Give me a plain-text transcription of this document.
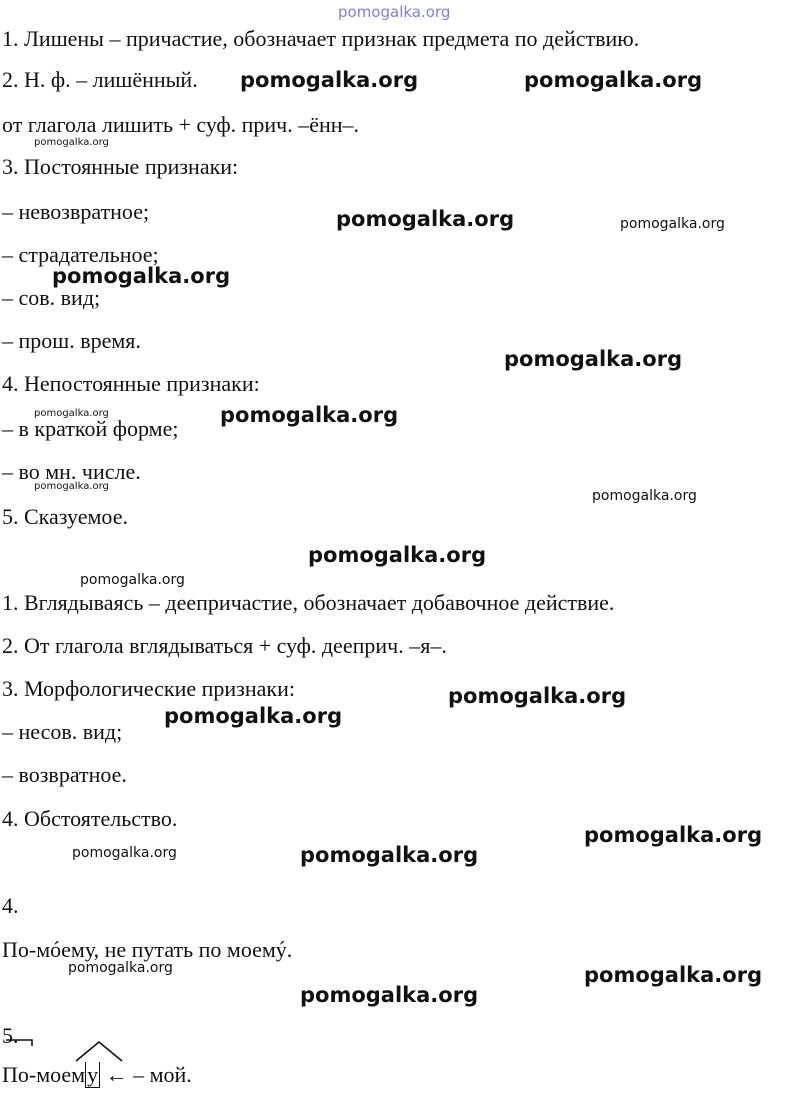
pomogalka.org
1. Лишены – причастие, обозначает признак предмета по действию.
2. Н. ф. – лишённый.
от глагола лишить + суф. прич. –ённ–.
3. Постоянные признаки:
– невозвратное;
– страдательное;
– сов. вид;
– прош. время.
4. Непостоянные признаки:
– в краткой форме;
– во мн. числе.
5. Сказуемое.
1. Вглядываясь – деепричастие, обозначает добавочное действие.
2. От глагола вглядываться + суф. дееприч. –я–.
3. Морфологические признаки:
– несов. вид;
– возвратное.
4. Обстоятельство.
4.
По-мóему, не путать по моемý.
5.
По-моему ← – мой.
pomogalka.org	pomogalka.org
pomogalka.org
pomogalka.org	pomogalka.org
pomogalka.org
pomogalka.org
pomogalka.org	pomogalka.org
pomogalka.org
pomogalka.org
pomogalka.org
pomogalka.org
pomogalka.org
pomogalka.org
pomogalka.org
pomogalka.org	pomogalka.org
pomogalka.org	pomogalka.org
pomogalka.org
